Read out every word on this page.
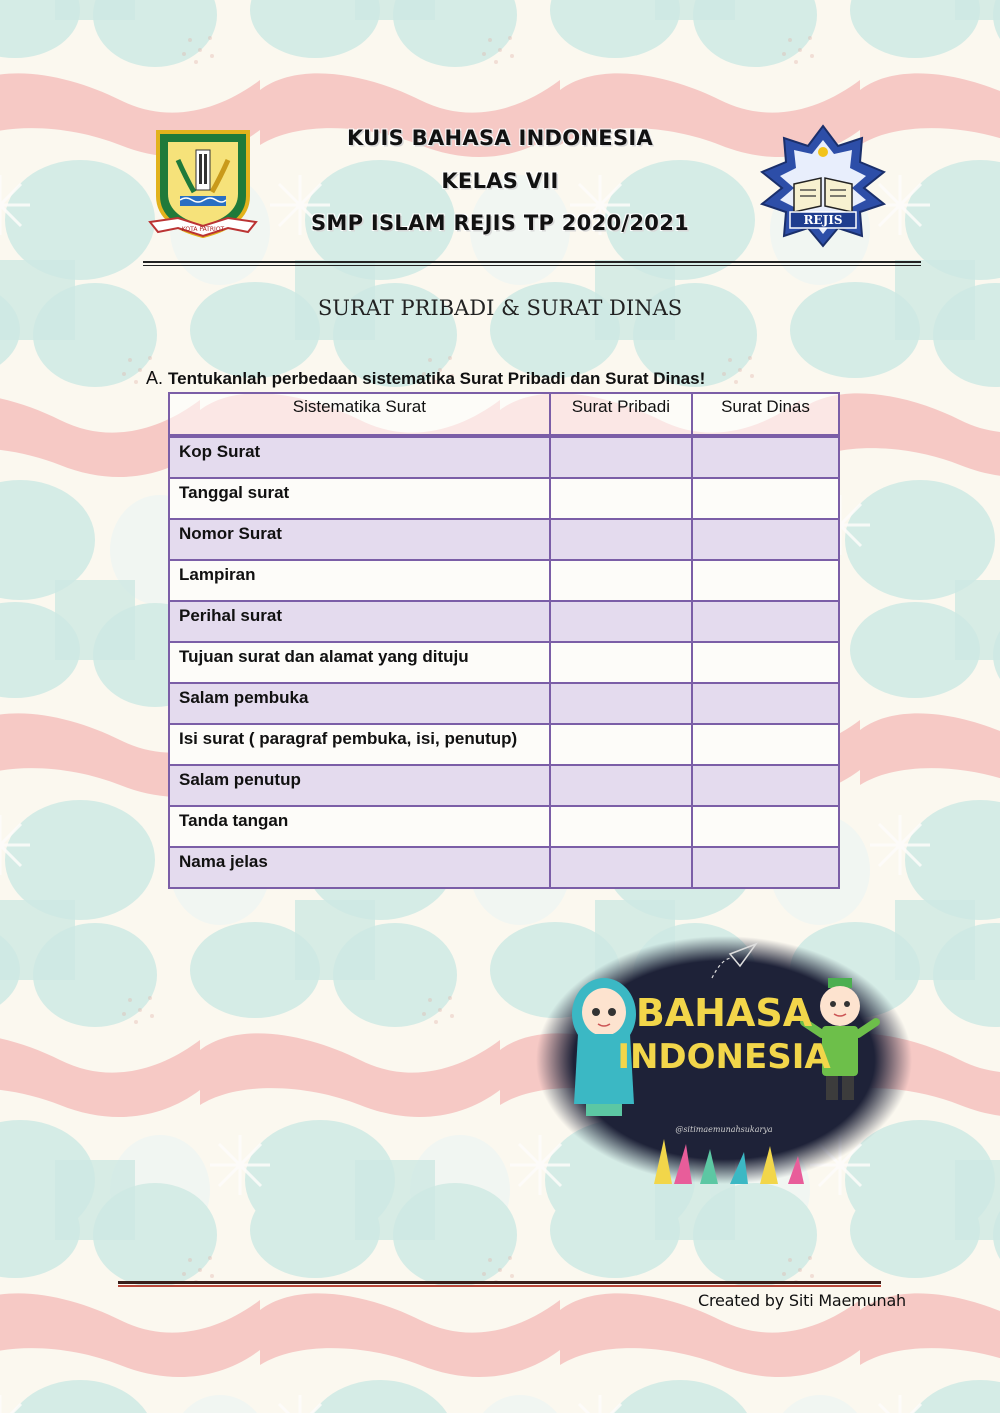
KOTA PATRIOT
REJIS
KUIS BAHASA INDONESIA
KELAS VII
SMP ISLAM REJIS TP 2020/2021
SURAT PRIBADI & SURAT DINAS
A. Tentukanlah perbedaan sistematika Surat Pribadi dan Surat Dinas!
Sistematika Surat	Surat Pribadi	Surat Dinas
Kop Surat		
Tanggal surat		
Nomor Surat		
Lampiran		
Perihal surat		
Tujuan surat dan alamat yang dituju		
Salam pembuka		
Isi surat ( paragraf pembuka, isi, penutup)		
Salam penutup		
Tanda tangan		
Nama jelas		
BAHASA
INDONESIA
@sitimaemunahsukarya
Created by Siti Maemunah
